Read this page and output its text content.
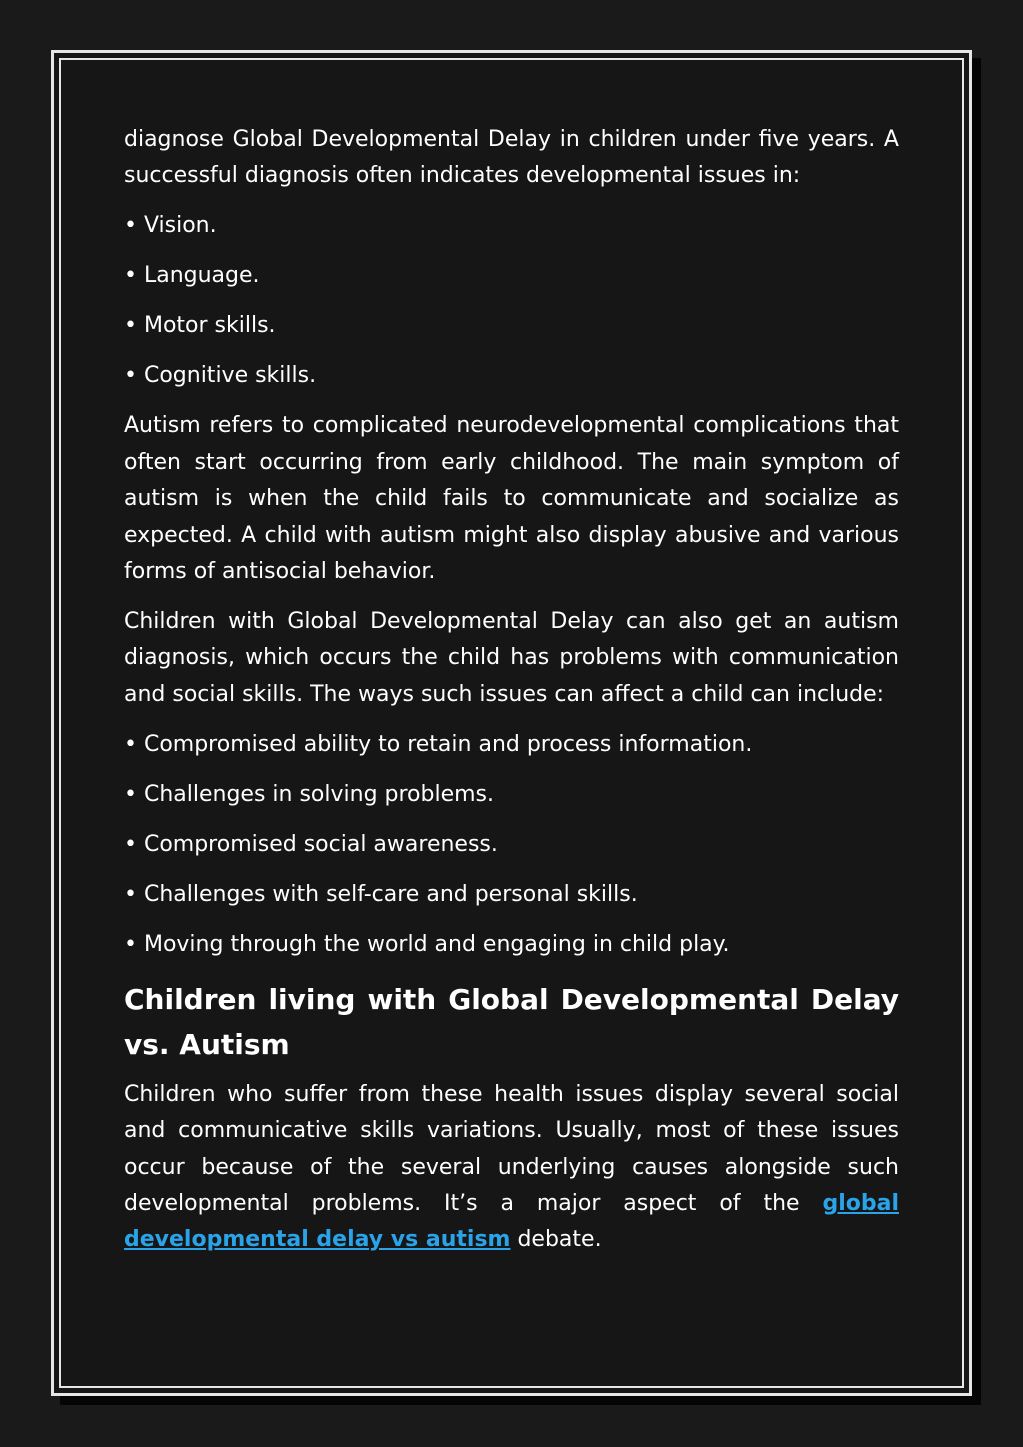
diagnose Global Developmental Delay in children under five years. A successful diagnosis often indicates developmental issues in:

• Vision.

• Language.

• Motor skills.

• Cognitive skills.

Autism refers to complicated neurodevelopmental complications that often start occurring from early childhood. The main symptom of autism is when the child fails to communicate and socialize as expected. A child with autism might also display abusive and various forms of antisocial behavior.

Children with Global Developmental Delay can also get an autism diagnosis, which occurs the child has problems with communication and social skills. The ways such issues can affect a child can include:

• Compromised ability to retain and process information.

• Challenges in solving problems.

• Compromised social awareness.

• Challenges with self-care and personal skills.

• Moving through the world and engaging in child play.

Children living with Global Developmental Delay vs. Autism

Children who suffer from these health issues display several social and communicative skills variations. Usually, most of these issues occur because of the several underlying causes alongside such developmental problems. It’s a major aspect of the global developmental delay vs autism debate.
